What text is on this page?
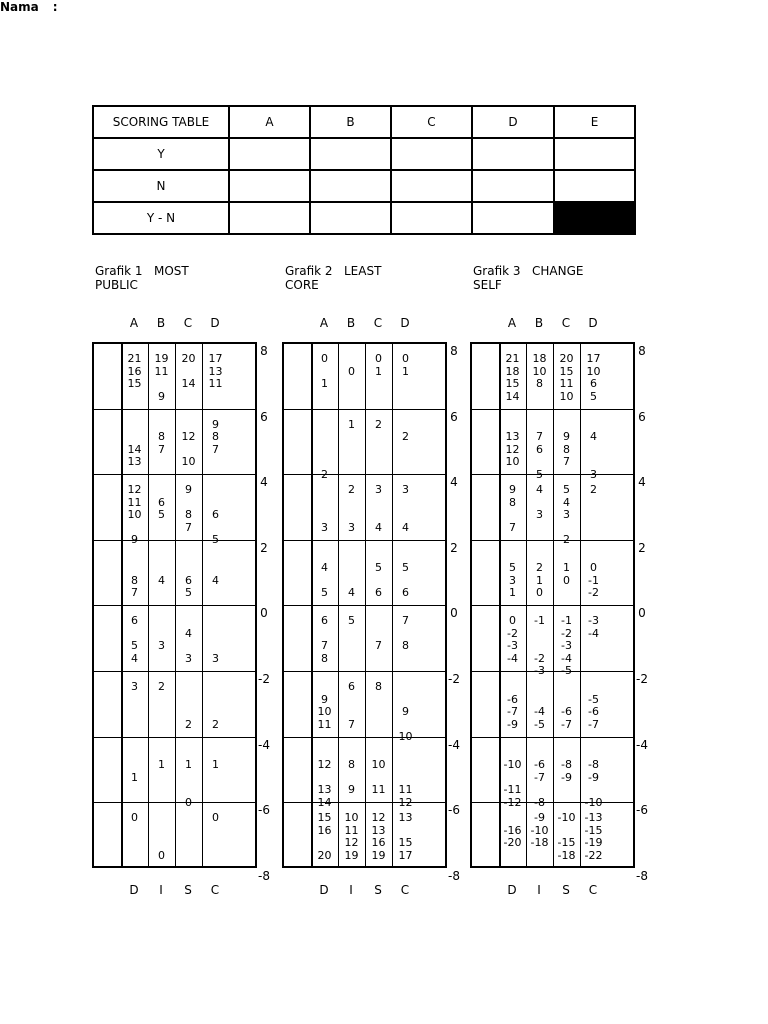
Nama :
SCORING TABLE	A	B	C	D	E
Y					
N					
Y - N					
Grafik 1   MOST
PUBLIC
A
D
B
I
C
S
D
C
21
16
15
19
11

9
20

14
17
13
11

14
13

8
7

12

10
9
8
7
12
11
10

9

6
5
9

8
7

6

5

8
7

4	

6
5

4
6

5
4

3

4

3	

3
3	2

2	

2

1

1	
1

0

1
0

0
0
8
6
4
2
0
-2
-4
-6
-8
Grafik 2   LEAST
CORE
A
D
B
I
C
S
D
C
0

1

0
0
1
0
1

2
1	2

2

3
2

3
3

4
3

4

4

5	

4

5

6

5

6
6

7
8
5

7
7

8

9
10
11
6

7
8

9

10

12

13
14

8

9

10

11	

11
12
15
16

20
10
11
12
19
12
13
16
19
13

15
17
8
6
4
2
0
-2
-4
-6
-8
Grafik 3   CHANGE
SELF
A
D
B
I
C
S
D
C
21
18
15
14
18
10
8
20
15
11
10
17
10
6
5

13
12
10

7
6

5

9
8
7

4

3
9
8

7
4

3
5
4
3

2
2

5
3
1

2
1
0

1
0

0
-1
-2
0
-2
-3
-4
-1

-2
-3
-1
-2
-3
-4
-5
-3
-4

-6
-7
-9

-4
-5

-6
-7

-5
-6
-7

-10

-11
-12

-6
-7

-8

-8
-9

-8
-9

-10

-16
-20
-9
-10
-18
-10

-15
-18
-13
-15
-19
-22
8
6
4
2
0
-2
-4
-6
-8
